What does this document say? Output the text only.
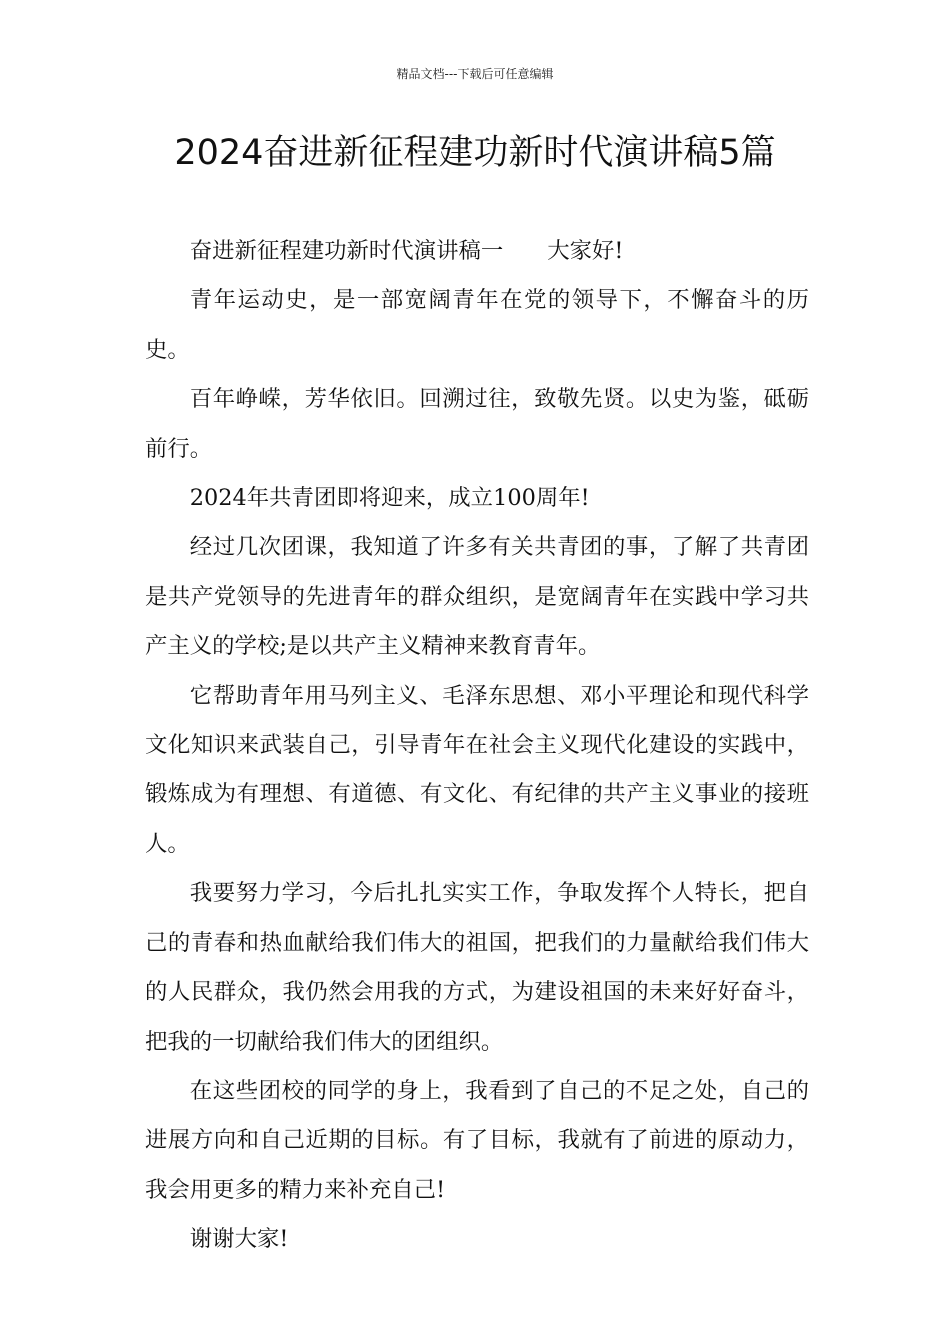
精品文档---下载后可任意编辑
2024奋进新征程建功新时代演讲稿5篇

奋进新征程建功新时代演讲稿一 大家好!

青年运动史，是一部宽阔青年在党的领导下，不懈奋斗的历史。

百年峥嵘，芳华依旧。回溯过往，致敬先贤。以史为鉴，砥砺前行。

2024年共青团即将迎来，成立100周年!

经过几次团课，我知道了许多有关共青团的事，了解了共青团是共产党领导的先进青年的群众组织，是宽阔青年在实践中学习共产主义的学校;是以共产主义精神来教育青年。

它帮助青年用马列主义、毛泽东思想、邓小平理论和现代科学文化知识来武装自己，引导青年在社会主义现代化建设的实践中，锻炼成为有理想、有道德、有文化、有纪律的共产主义事业的接班人。

我要努力学习，今后扎扎实实工作，争取发挥个人特长，把自己的青春和热血献给我们伟大的祖国，把我们的力量献给我们伟大的人民群众，我仍然会用我的方式，为建设祖国的未来好好奋斗，把我的一切献给我们伟大的团组织。

在这些团校的同学的身上，我看到了自己的不足之处，自己的进展方向和自己近期的目标。有了目标，我就有了前进的原动力，我会用更多的精力来补充自己!

谢谢大家!
